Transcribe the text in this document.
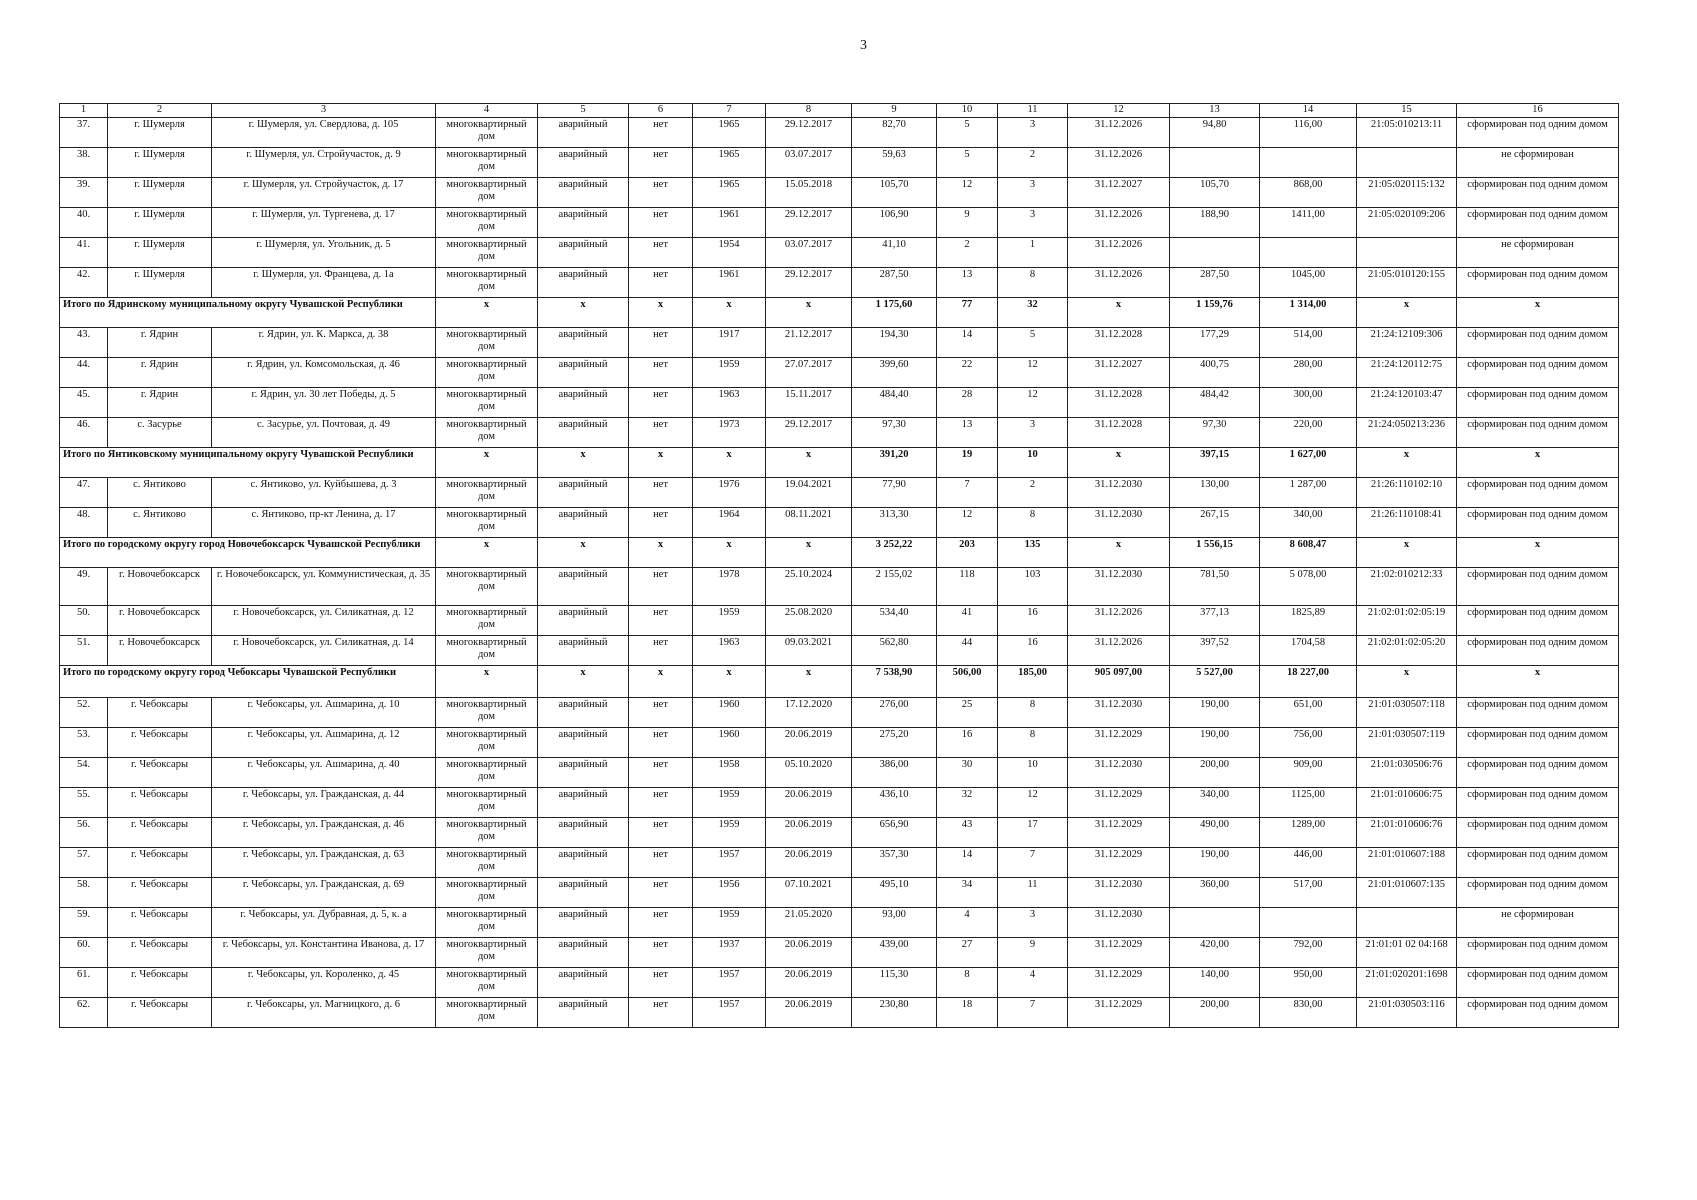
3
1	2	3	4	5	6	7	8	9	10	11	12	13	14	15	16
37.	г. Шумерля	г. Шумерля, ул. Свердлова, д. 105	многоквартирный дом	аварийный	нет	1965	29.12.2017	82,70	5	3	31.12.2026	94,80	116,00	21:05:010213:11	сформирован под одним домом
38.	г. Шумерля	г. Шумерля, ул. Стройучасток, д. 9	многоквартирный дом	аварийный	нет	1965	03.07.2017	59,63	5	2	31.12.2026				не сформирован
39.	г. Шумерля	г. Шумерля, ул. Стройучасток, д. 17	многоквартирный дом	аварийный	нет	1965	15.05.2018	105,70	12	3	31.12.2027	105,70	868,00	21:05:020115:132	сформирован под одним домом
40.	г. Шумерля	г. Шумерля, ул. Тургенева, д. 17	многоквартирный дом	аварийный	нет	1961	29.12.2017	106,90	9	3	31.12.2026	188,90	1411,00	21:05:020109:206	сформирован под одним домом
41.	г. Шумерля	г. Шумерля, ул. Угольник, д. 5	многоквартирный дом	аварийный	нет	1954	03.07.2017	41,10	2	1	31.12.2026				не сформирован
42.	г. Шумерля	г. Шумерля, ул. Францева, д. 1а	многоквартирный дом	аварийный	нет	1961	29.12.2017	287,50	13	8	31.12.2026	287,50	1045,00	21:05:010120:155	сформирован под одним домом
Итого по Ядринскому муниципальному округу Чувашской Республики			x	x	x	x	x	1 175,60	77	32	x	1 159,76	1 314,00	x	x
43.	г. Ядрин	г. Ядрин, ул. К. Маркса, д. 38	многоквартирный дом	аварийный	нет	1917	21.12.2017	194,30	14	5	31.12.2028	177,29	514,00	21:24:12109:306	сформирован под одним домом
44.	г. Ядрин	г. Ядрин, ул. Комсомольская, д. 46	многоквартирный дом	аварийный	нет	1959	27.07.2017	399,60	22	12	31.12.2027	400,75	280,00	21:24:120112:75	сформирован под одним домом
45.	г. Ядрин	г. Ядрин, ул. 30 лет Победы, д. 5	многоквартирный дом	аварийный	нет	1963	15.11.2017	484,40	28	12	31.12.2028	484,42	300,00	21:24:120103:47	сформирован под одним домом
46.	с. Засурье	с. Засурье, ул. Почтовая, д. 49	многоквартирный дом	аварийный	нет	1973	29.12.2017	97,30	13	3	31.12.2028	97,30	220,00	21:24:050213:236	сформирован под одним домом
Итого по Янтиковскому муниципальному округу Чувашской Республики			x	x	x	x	x	391,20	19	10	x	397,15	1 627,00	x	x
47.	с. Янтиково	с. Янтиково, ул. Куйбышева, д. 3	многоквартирный дом	аварийный	нет	1976	19.04.2021	77,90	7	2	31.12.2030	130,00	1 287,00	21:26:110102:10	сформирован под одним домом
48.	с. Янтиково	с. Янтиково, пр-кт Ленина, д. 17	многоквартирный дом	аварийный	нет	1964	08.11.2021	313,30	12	8	31.12.2030	267,15	340,00	21:26:110108:41	сформирован под одним домом
Итого по городскому округу город Новочебоксарск Чувашской Республики			x	x	x	x	x	3 252,22	203	135	x	1 556,15	8 608,47	x	x
49.	г. Новочебоксарск	г. Новочебоксарск, ул. Коммунистическая, д. 35	многоквартирный дом	аварийный	нет	1978	25.10.2024	2 155,02	118	103	31.12.2030	781,50	5 078,00	21:02:010212:33	сформирован под одним домом
50.	г. Новочебоксарск	г. Новочебоксарск, ул. Силикатная, д. 12	многоквартирный дом	аварийный	нет	1959	25.08.2020	534,40	41	16	31.12.2026	377,13	1825,89	21:02:01:02:05:19	сформирован под одним домом
51.	г. Новочебоксарск	г. Новочебоксарск, ул. Силикатная, д. 14	многоквартирный дом	аварийный	нет	1963	09.03.2021	562,80	44	16	31.12.2026	397,52	1704,58	21:02:01:02:05:20	сформирован под одним домом
Итого по городскому округу город Чебоксары Чувашской Республики			x	x	x	x	x	7 538,90	506,00	185,00	905 097,00	5 527,00	18 227,00	x	x
52.	г. Чебоксары	г. Чебоксары, ул. Ашмарина, д. 10	многоквартирный дом	аварийный	нет	1960	17.12.2020	276,00	25	8	31.12.2030	190,00	651,00	21:01:030507:118	сформирован под одним домом
53.	г. Чебоксары	г. Чебоксары, ул. Ашмарина, д. 12	многоквартирный дом	аварийный	нет	1960	20.06.2019	275,20	16	8	31.12.2029	190,00	756,00	21:01:030507:119	сформирован под одним домом
54.	г. Чебоксары	г. Чебоксары, ул. Ашмарина, д. 40	многоквартирный дом	аварийный	нет	1958	05.10.2020	386,00	30	10	31.12.2030	200,00	909,00	21:01:030506:76	сформирован под одним домом
55.	г. Чебоксары	г. Чебоксары, ул. Гражданская, д. 44	многоквартирный дом	аварийный	нет	1959	20.06.2019	436,10	32	12	31.12.2029	340,00	1125,00	21:01:010606:75	сформирован под одним домом
56.	г. Чебоксары	г. Чебоксары, ул. Гражданская, д. 46	многоквартирный дом	аварийный	нет	1959	20.06.2019	656,90	43	17	31.12.2029	490,00	1289,00	21:01:010606:76	сформирован под одним домом
57.	г. Чебоксары	г. Чебоксары, ул. Гражданская, д. 63	многоквартирный дом	аварийный	нет	1957	20.06.2019	357,30	14	7	31.12.2029	190,00	446,00	21:01:010607:188	сформирован под одним домом
58.	г. Чебоксары	г. Чебоксары, ул. Гражданская, д. 69	многоквартирный дом	аварийный	нет	1956	07.10.2021	495,10	34	11	31.12.2030	360,00	517,00	21:01:010607:135	сформирован под одним домом
59.	г. Чебоксары	г. Чебоксары, ул. Дубравная, д. 5, к. а	многоквартирный дом	аварийный	нет	1959	21.05.2020	93,00	4	3	31.12.2030				не сформирован
60.	г. Чебоксары	г. Чебоксары, ул. Константина Иванова, д. 17	многоквартирный дом	аварийный	нет	1937	20.06.2019	439,00	27	9	31.12.2029	420,00	792,00	21:01:01 02 04:168	сформирован под одним домом
61.	г. Чебоксары	г. Чебоксары, ул. Короленко, д. 45	многоквартирный дом	аварийный	нет	1957	20.06.2019	115,30	8	4	31.12.2029	140,00	950,00	21:01:020201:1698	сформирован под одним домом
62.	г. Чебоксары	г. Чебоксары, ул. Магницкого, д. 6	многоквартирный дом	аварийный	нет	1957	20.06.2019	230,80	18	7	31.12.2029	200,00	830,00	21:01:030503:116	сформирован под одним домом
